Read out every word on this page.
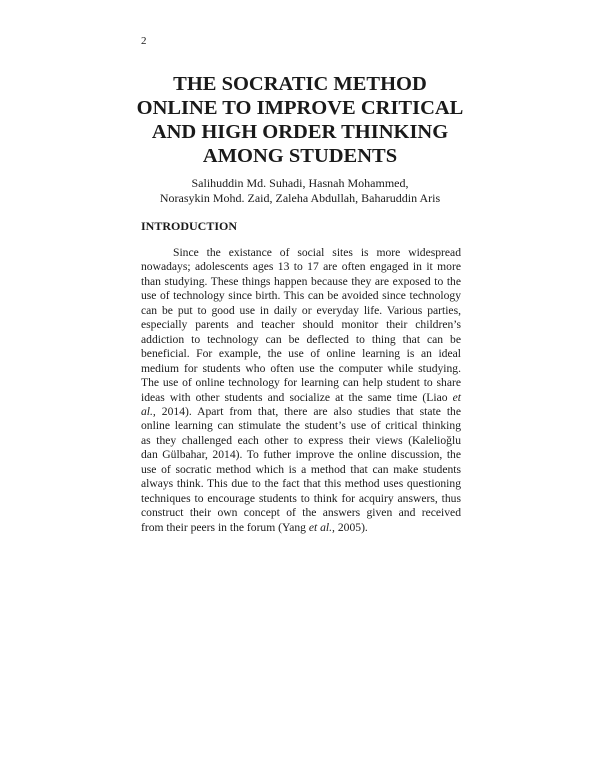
2
THE SOCRATIC METHOD
ONLINE TO IMPROVE CRITICAL
AND HIGH ORDER THINKING
AMONG STUDENTS
Salihuddin Md. Suhadi, Hasnah Mohammed,
Norasykin Mohd. Zaid, Zaleha Abdullah, Baharuddin Aris
INTRODUCTION
Since the existance of social sites is more widespread
nowadays; adolescents ages 13 to 17 are often engaged in it more
than studying. These things happen because they are exposed to the
use of technology since birth. This can be avoided since technology
can be put to good use in daily or everyday life. Various parties,
especially parents and teacher should monitor their children’s
addiction to technology can be deflected to thing that can be
beneficial. For example, the use of online learning is an ideal
medium for students who often use the computer while studying.
The use of online technology for learning can help student to share
ideas with other students and socialize at the same time (Liao et
al., 2014). Apart from that, there are also studies that state the
online learning can stimulate the student’s use of critical thinking
as they challenged each other to express their views (Kalelioğlu
dan Gülbahar, 2014). To futher improve the online discussion, the
use of socratic method which is a method that can make students
always think. This due to the fact that this method uses questioning
techniques to encourage students to think for acquiry answers, thus
construct their own concept of the answers given and received
from their peers in the forum (Yang et al., 2005).
